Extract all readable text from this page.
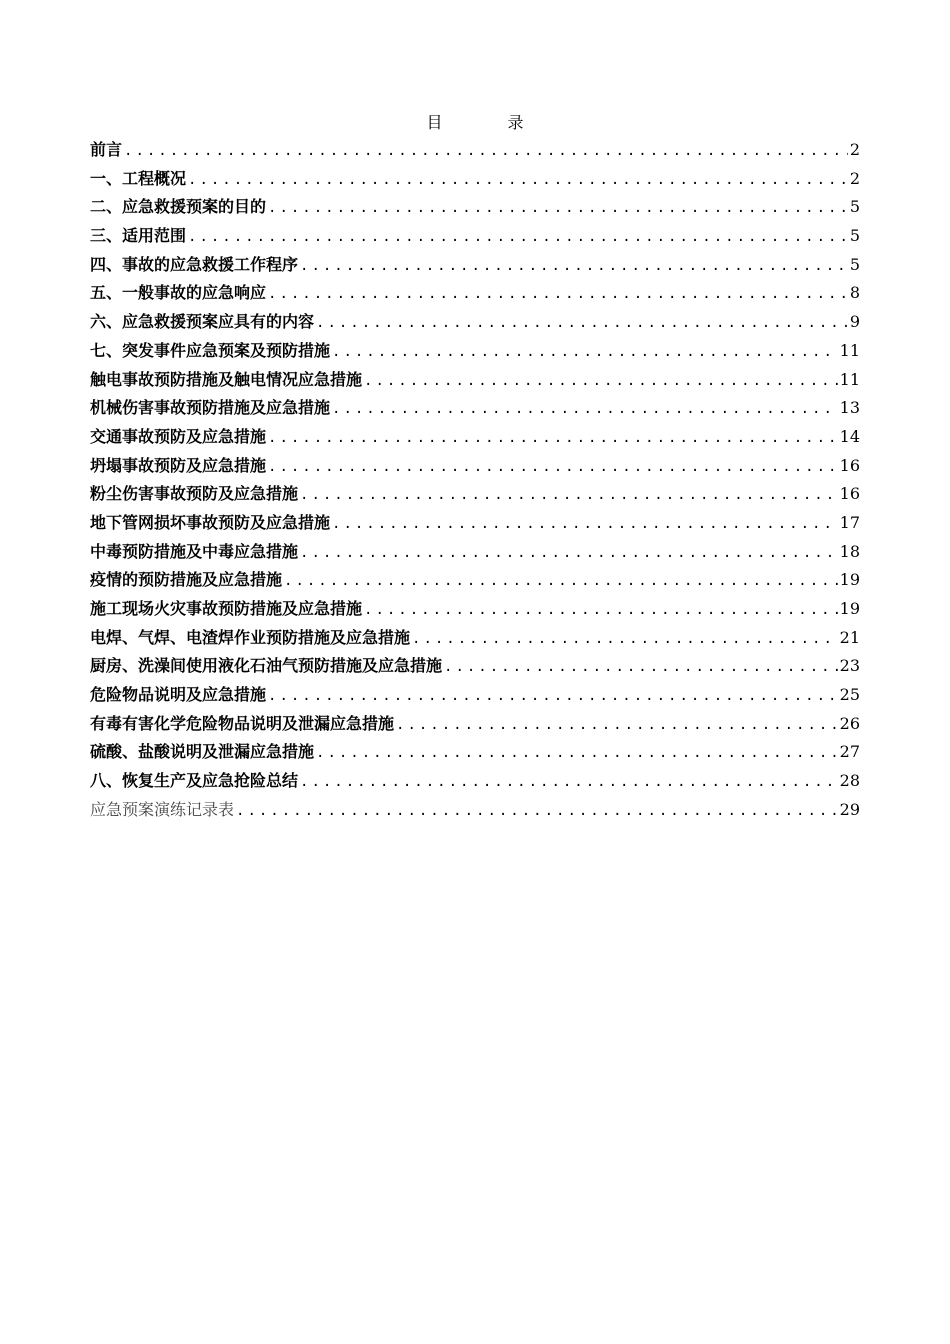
目 录
前言 .....	2
一、工程概况 .....	2
二、应急救援预案的目的 .....	5
三、适用范围 .....	5
四、事故的应急救援工作程序 .....	5
五、一般事故的应急响应 .....	8
六、应急救援预案应具有的内容 .....	9
七、突发事件应急预案及预防措施 .....	11
触电事故预防措施及触电情况应急措施 .....	11
机械伤害事故预防措施及应急措施 .....	13
交通事故预防及应急措施 .....	14
坍塌事故预防及应急措施 .....	16
粉尘伤害事故预防及应急措施 .....	16
地下管网损坏事故预防及应急措施 .....	17
中毒预防措施及中毒应急措施 .....	18
疫情的预防措施及应急措施 .....	19
施工现场火灾事故预防措施及应急措施 .....	19
电焊、气焊、电渣焊作业预防措施及应急措施 .....	21
厨房、洗澡间使用液化石油气预防措施及应急措施 .....	23
危险物品说明及应急措施 .....	25
有毒有害化学危险物品说明及泄漏应急措施 .....	26
硫酸、盐酸说明及泄漏应急措施 .....	27
八、恢复生产及应急抢险总结 .....	28
应急预案演练记录表 .....	29
